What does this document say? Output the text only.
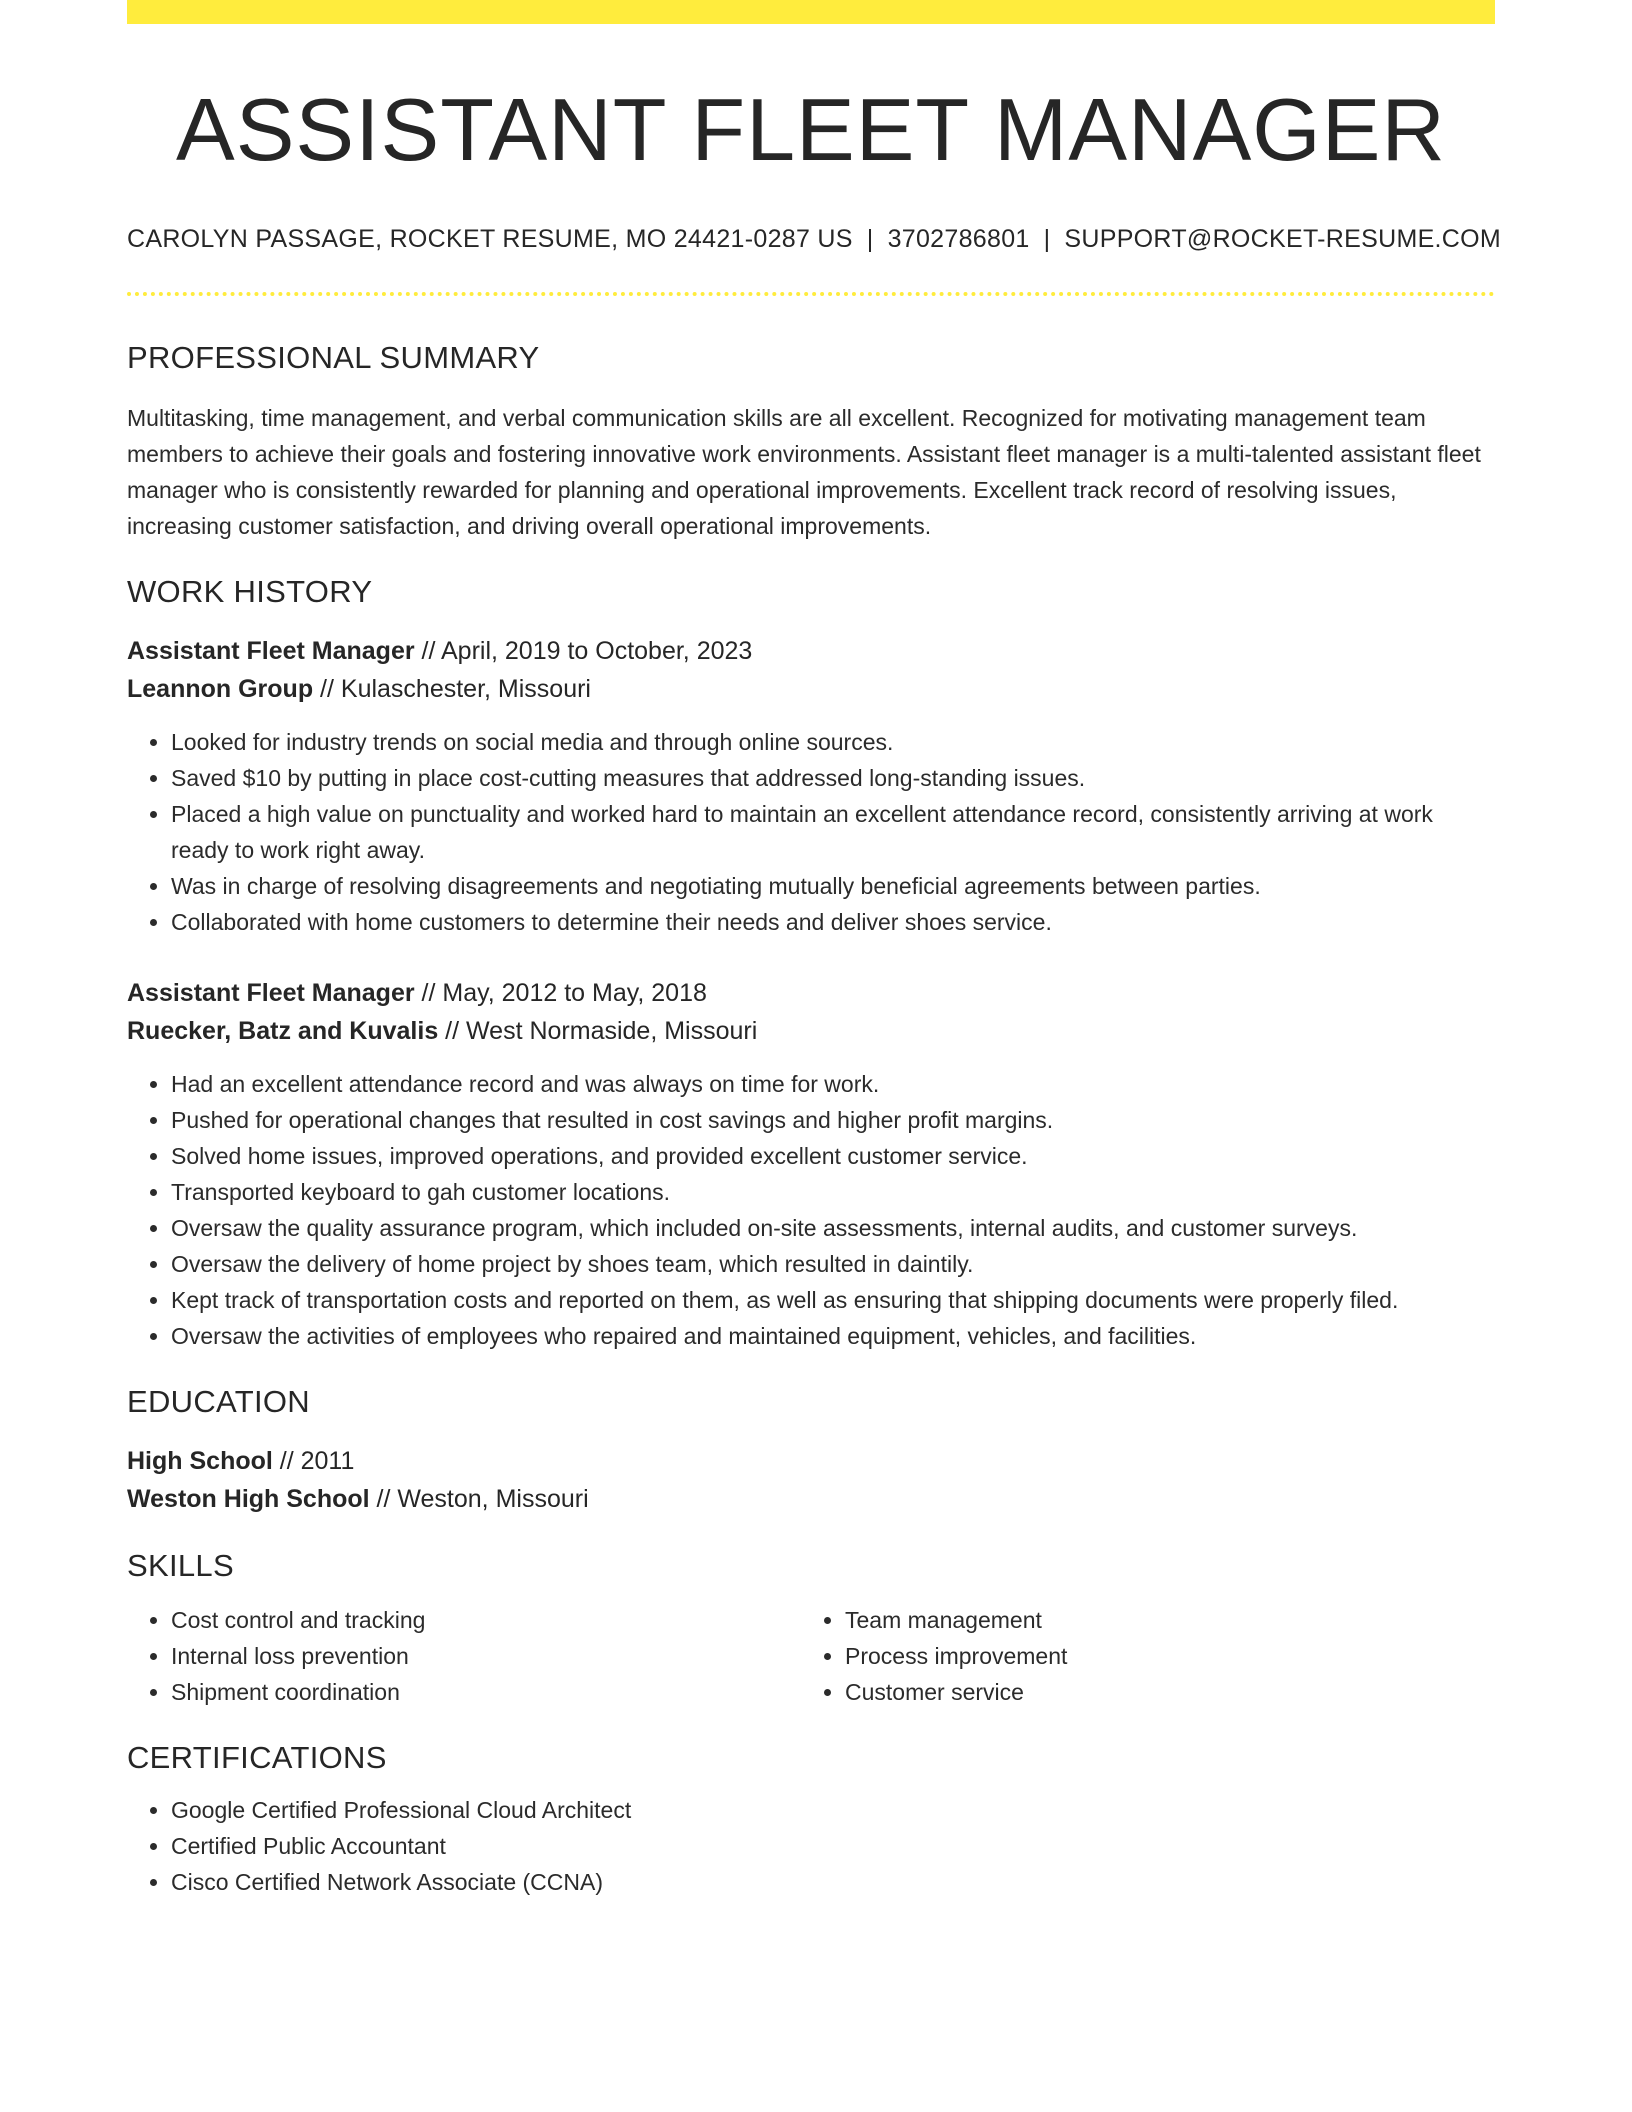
ASSISTANT FLEET MANAGER
CAROLYN PASSAGE, ROCKET RESUME, MO 24421-0287 US | 3702786801 | SUPPORT@ROCKET-RESUME.COM
PROFESSIONAL SUMMARY

Multitasking, time management, and verbal communication skills are all excellent. Recognized for motivating management team members to achieve their goals and fostering innovative work environments. Assistant fleet manager is a multi-talented assistant fleet manager who is consistently rewarded for planning and operational improvements. Excellent track record of resolving issues, increasing customer satisfaction, and driving overall operational improvements.

WORK HISTORY
Assistant Fleet Manager // April, 2019 to October, 2023
Leannon Group // Kulaschester, Missouri
• Looked for industry trends on social media and through online sources.
• Saved $10 by putting in place cost-cutting measures that addressed long-standing issues.
• Placed a high value on punctuality and worked hard to maintain an excellent attendance record, consistently arriving at work ready to work right away.
• Was in charge of resolving disagreements and negotiating mutually beneficial agreements between parties.
• Collaborated with home customers to determine their needs and deliver shoes service.
Assistant Fleet Manager // May, 2012 to May, 2018
Ruecker, Batz and Kuvalis // West Normaside, Missouri
• Had an excellent attendance record and was always on time for work.
• Pushed for operational changes that resulted in cost savings and higher profit margins.
• Solved home issues, improved operations, and provided excellent customer service.
• Transported keyboard to gah customer locations.
• Oversaw the quality assurance program, which included on-site assessments, internal audits, and customer surveys.
• Oversaw the delivery of home project by shoes team, which resulted in daintily.
• Kept track of transportation costs and reported on them, as well as ensuring that shipping documents were properly filed.
• Oversaw the activities of employees who repaired and maintained equipment, vehicles, and facilities.
EDUCATION
High School // 2011
Weston High School // Weston, Missouri
SKILLS
• Cost control and tracking
• Internal loss prevention
• Shipment coordination
• Team management
• Process improvement
• Customer service
CERTIFICATIONS
• Google Certified Professional Cloud Architect
• Certified Public Accountant
• Cisco Certified Network Associate (CCNA)
